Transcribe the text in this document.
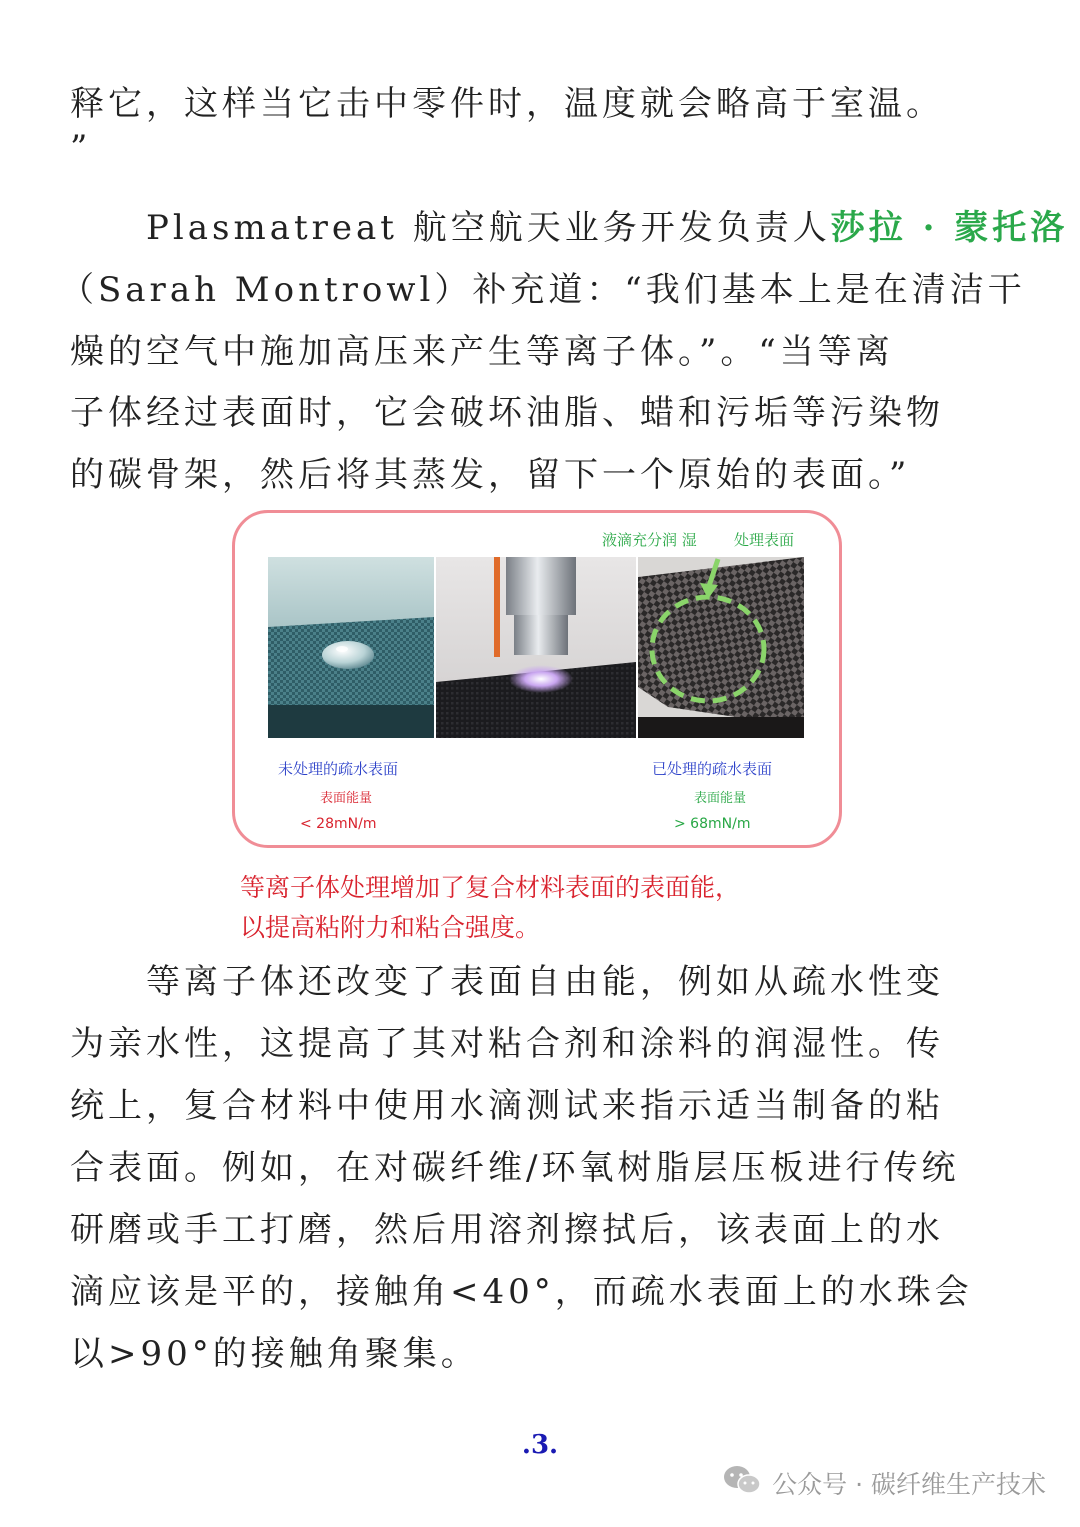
释它，这样当它击中零件时，温度就会略高于室温。

”

Plasmatreat 航空航天业务开发负责人莎拉 · 蒙托洛

（Sarah Montrowl）补充道：“我们基本上是在清洁干

燥的空气中施加高压来产生等离子体。”。“当等离

子体经过表面时，它会破坏油脂、蜡和污垢等污染物

的碳骨架，然后将其蒸发，留下一个原始的表面。”

液滴充分润 湿 处理表面

未处理的疏水表面

表面能量

< 28mN/m

已处理的疏水表面

表面能量

> 68mN/m

等离子体处理增加了复合材料表面的表面能，

以提高粘附力和粘合强度。

等离子体还改变了表面自由能，例如从疏水性变

为亲水性，这提高了其对粘合剂和涂料的润湿性。传

统上，复合材料中使用水滴测试来指示适当制备的粘

合表面。例如，在对碳纤维/环氧树脂层压板进行传统

研磨或手工打磨，然后用溶剂擦拭后，该表面上的水

滴应该是平的，接触角<40°，而疏水表面上的水珠会

以>90°的接触角聚集。

.3.
公众号 · 碳纤维生产技术
